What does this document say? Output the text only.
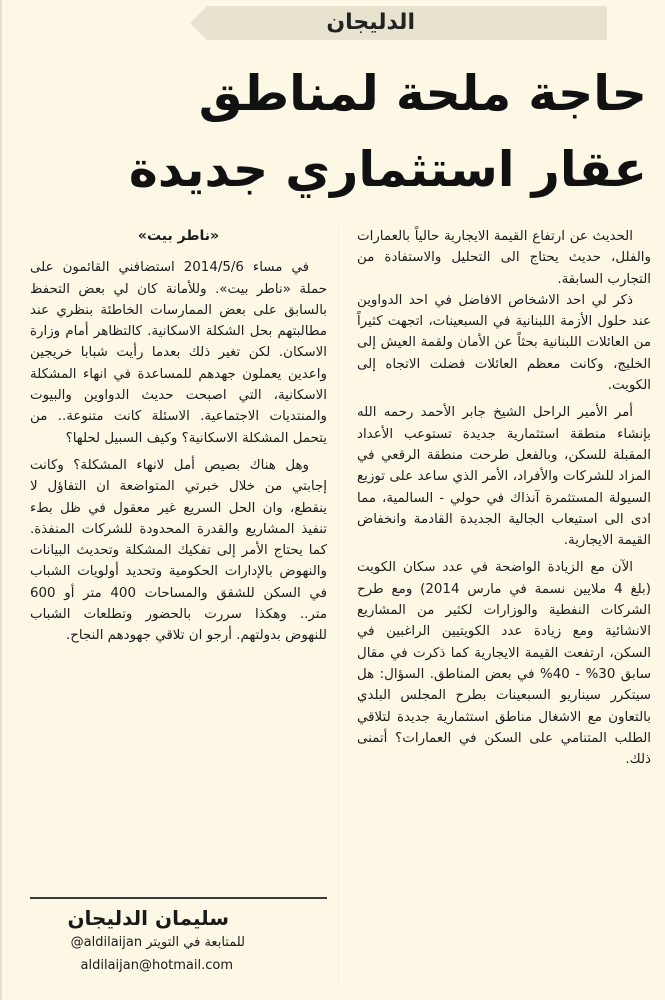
الدليجان
حاجة ملحة لمناطق
عقار استثماري جديدة

الحديث عن ارتفاع القيمة الايجارية حالياً بالعمارات والفلل، حديث يحتاج الى التحليل والاستفادة من التجارب السابقة.

ذكر لي احد الاشخاص الافاضل في احد الدواوين عند حلول الأزمة اللبنانية في السبعينات، اتجهت كثيراً من العائلات اللبنانية بحثاً عن الأمان ولقمة العيش إلى الخليج، وكانت معظم العائلات فضلت الاتجاه إلى الكويت.

أمر الأمير الراحل الشيخ جابر الأحمد رحمه الله بإنشاء منطقة استثمارية جديدة تستوعب الأعداد المقبلة للسكن، وبالفعل طرحت منطقة الرقعي في المزاد للشركات والأفراد، الأمر الذي ساعد على توزيع السيولة المستثمرة آنذاك في حولي - السالمية، مما ادى الى استيعاب الجالية الجديدة القادمة وانخفاض القيمة الايجارية.

الآن مع الزيادة الواضحة في عدد سكان الكويت (بلغ 4 ملايين نسمة في مارس 2014) ومع طرح الشركات النفطية والوزارات لكثير من المشاريع الانشائية ومع زيادة عدد الكويتيين الراغبين في السكن، ارتفعت القيمة الايجارية كما ذكرت في مقال سابق 30% - 40% في بعض المناطق. السؤال: هل سيتكرر سيناريو السبعينات بطرح المجلس البلدي بالتعاون مع الاشغال مناطق استثمارية جديدة لتلاقي الطلب المتنامي على السكن في العمارات؟ أتمنى ذلك.

«ناطر بيت»

في مساء 2014/5/6 استضافني القائمون على حملة «ناطر بيت». وللأمانة كان لي بعض التحفظ بالسابق على بعض الممارسات الخاطئة بنظري عند مطالبتهم بحل الشكلة الاسكانية. كالتظاهر أمام وزارة الاسكان. لكن تغير ذلك بعدما رأيت شبابا خريجين واعدين يعملون جهدهم للمساعدة في انهاء المشكلة الاسكانية، التي اصبحت حديث الدواوين والبيوت والمنتديات الاجتماعية. الاسئلة كانت متنوعة.. من يتحمل المشكلة الاسكانية؟ وكيف السبيل لحلها؟

وهل هناك بصيص أمل لانهاء المشكلة؟ وكانت إجابتي من خلال خبرتي المتواضعة ان التفاؤل لا ينقطع، وان الحل السريع غير معقول في ظل بطء تنفيذ المشاريع والقدرة المحدودة للشركات المنفذة. كما يحتاج الأمر إلى تفكيك المشكلة وتحديث البيانات والنهوض بالإدارات الحكومية وتحديد أولويات الشباب في السكن للشقق والمساحات 400 متر أو 600 متر.. وهكذا سررت بالحضور وتطلعات الشباب للنهوض بدولتهم. أرجو ان تلاقي جهودهم النجاح.

سليمان الدليجان
للمتابعة في التويتر aldilaijan@
aldilaijan@hotmail.com
